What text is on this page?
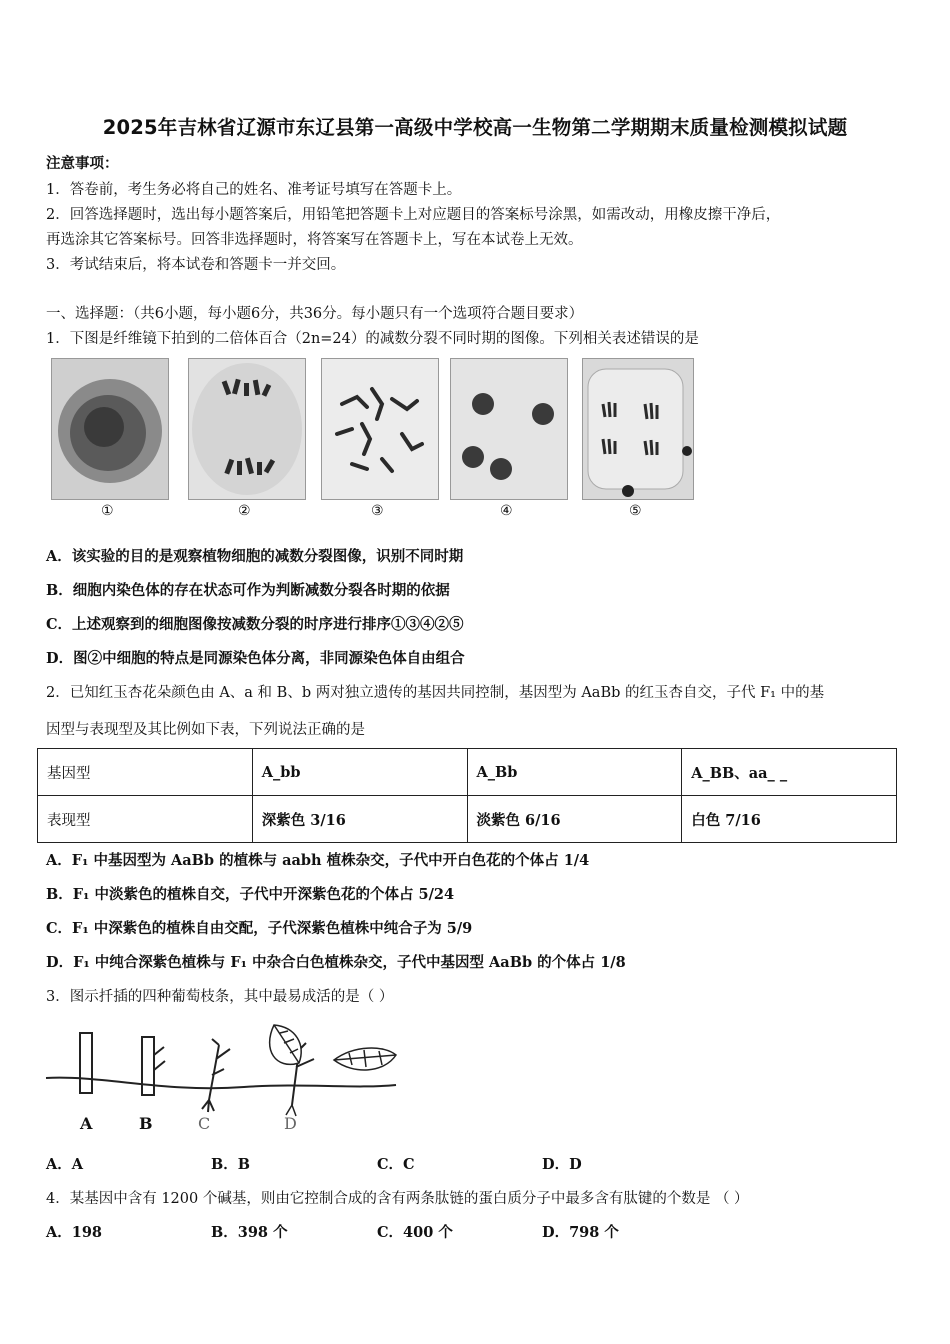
2025年吉林省辽源市东辽县第一高级中学校高一生物第二学期期末质量检测模拟试题
注意事项：
1．答卷前，考生务必将自己的姓名、准考证号填写在答题卡上。
2．回答选择题时，选出每小题答案后，用铅笔把答题卡上对应题目的答案标号涂黑，如需改动，用橡皮擦干净后，
再选涂其它答案标号。回答非选择题时，将答案写在答题卡上，写在本试卷上无效。
3．考试结束后，将本试卷和答题卡一并交回。
一、选择题：（共6小题，每小题6分，共36分。每小题只有一个选项符合题目要求）
1．下图是纤维镜下拍到的二倍体百合（2n=24）的减数分裂不同时期的图像。下列相关表述错误的是
①	②	③	④	⑤
A．该实验的目的是观察植物细胞的减数分裂图像，识别不同时期
B．细胞内染色体的存在状态可作为判断减数分裂各时期的依据
C．上述观察到的细胞图像按减数分裂的时序进行排序①③④②⑤
D．图②中细胞的特点是同源染色体分离，非同源染色体自由组合
2．已知红玉杏花朵颜色由 A、a 和 B、b 两对独立遗传的基因共同控制，基因型为 AaBb 的红玉杏自交，子代 F₁ 中的基
因型与表现型及其比例如下表，下列说法正确的是
基因型	A_bb	A_Bb	A_BB、aa_ _
表现型	深紫色 3/16	淡紫色 6/16	白色 7/16
A．F₁ 中基因型为 AaBb 的植株与 aabh 植株杂交，子代中开白色花的个体占 1/4
B．F₁ 中淡紫色的植株自交，子代中开深紫色花的个体占 5/24
C．F₁ 中深紫色的植株自由交配，子代深紫色植株中纯合子为 5/9
D．F₁ 中纯合深紫色植株与 F₁ 中杂合白色植株杂交，子代中基因型 AaBb 的个体占 1/8
3．图示扦插的四种葡萄枝条，其中最易成活的是（ ）
A	B	C	D
A．A	B．B	C．C	D．D
4．某基因中含有 1200 个碱基，则由它控制合成的含有两条肽链的蛋白质分子中最多含有肽键的个数是 （ ）
A．198	B．398 个	C．400 个	D．798 个
